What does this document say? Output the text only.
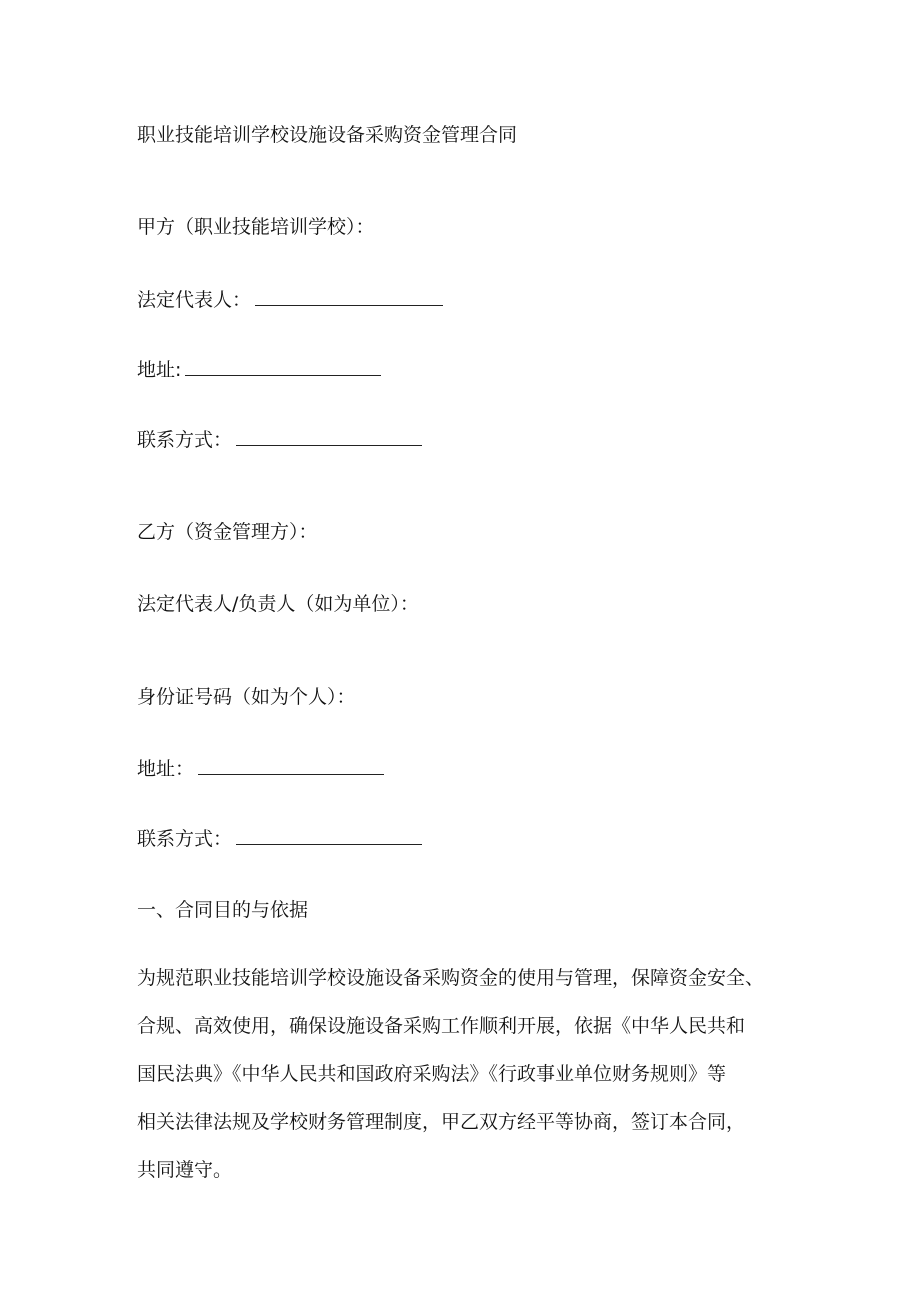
职业技能培训学校设施设备采购资金管理合同
甲方（职业技能培训学校）：
法定代表人：
地址:
联系方式：
乙方（资金管理方）：
法定代表人/负责人（如为单位）：
身份证号码（如为个人）：
地址：
联系方式：
一、合同目的与依据
为规范职业技能培训学校设施设备采购资金的使用与管理，保障资金安全、
合规、高效使用，确保设施设备采购工作顺利开展，依据《中华人民共和
国民法典》《中华人民共和国政府采购法》《行政事业单位财务规则》等
相关法律法规及学校财务管理制度，甲乙双方经平等协商，签订本合同，
共同遵守。
